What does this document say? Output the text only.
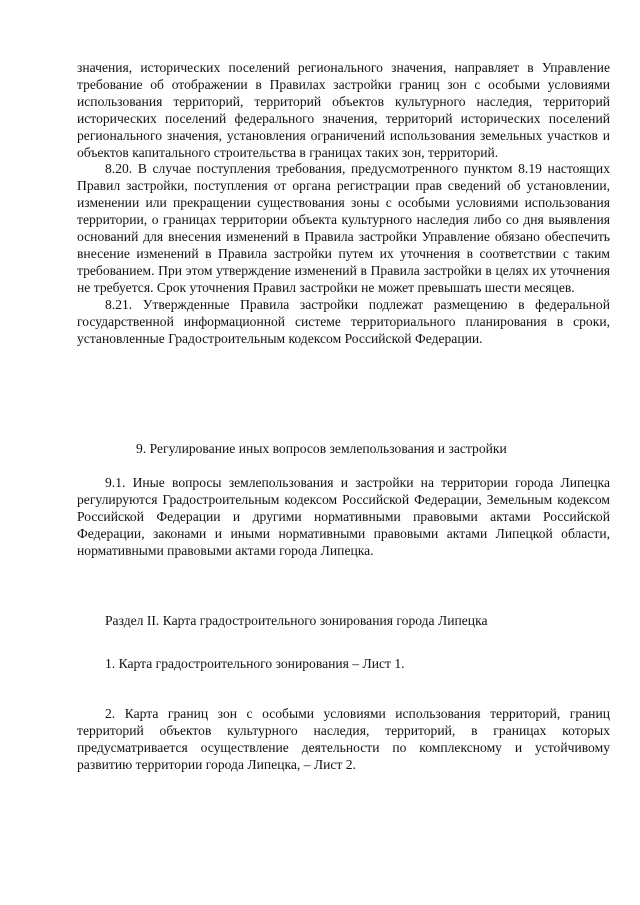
значения, исторических поселений регионального значения, направляет в Управление требование об отображении в Правилах застройки границ зон с особыми условиями использования территорий, территорий объектов культурного наследия, территорий исторических поселений федерального значения, территорий исторических поселений регионального значения, установления ограничений использования земельных участков и объектов капитального строительства в границах таких зон, территорий.

8.20. В случае поступления требования, предусмотренного пунктом 8.19 настоящих Правил застройки, поступления от органа регистрации прав сведений об установлении, изменении или прекращении существования зоны с особыми условиями использования территории, о границах территории объекта культурного наследия либо со дня выявления оснований для внесения изменений в Правила застройки Управление обязано обеспечить внесение изменений в Правила застройки путем их уточнения в соответствии с таким требованием. При этом утверждение изменений в Правила застройки в целях их уточнения не требуется. Срок уточнения Правил застройки не может превышать шести месяцев.

8.21. Утвержденные Правила застройки подлежат размещению в федеральной государственной информационной системе территориального планирования в сроки, установленные Градостроительным кодексом Российской Федерации.

9. Регулирование иных вопросов землепользования и застройки

9.1. Иные вопросы землепользования и застройки на территории города Липецка регулируются Градостроительным кодексом Российской Федерации, Земельным кодексом Российской Федерации и другими нормативными правовыми актами Российской Федерации, законами и иными нормативными правовыми актами Липецкой области, нормативными правовыми актами города Липецка.

Раздел II. Карта градостроительного зонирования города Липецка

1. Карта градостроительного зонирования – Лист 1.

2. Карта границ зон с особыми условиями использования территорий, границ территорий объектов культурного наследия, территорий, в границах которых предусматривается осуществление деятельности по комплексному и устойчивому развитию территории города Липецка, – Лист 2.
